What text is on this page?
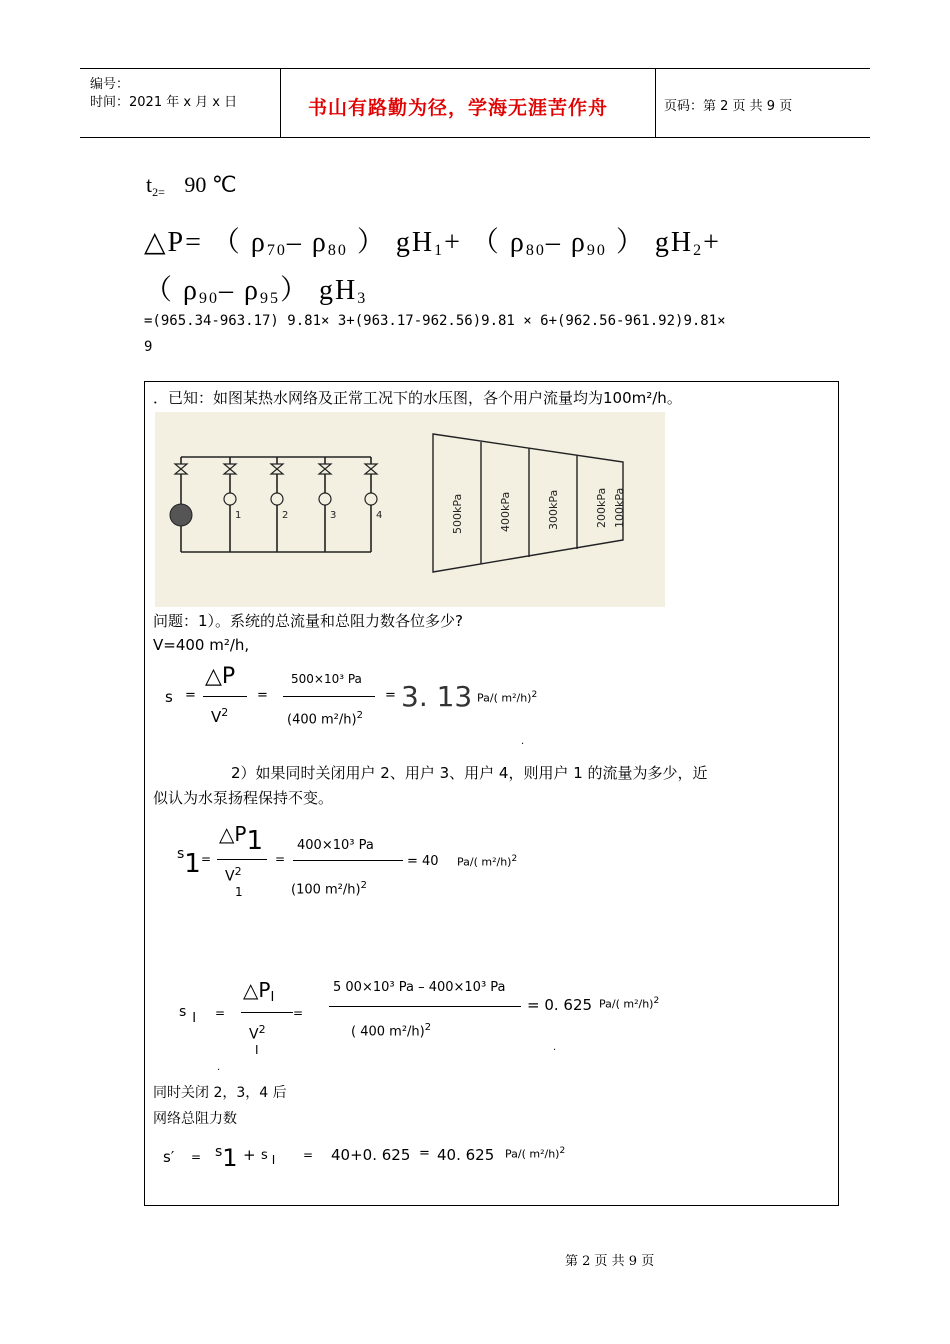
编号：
时间：2021 年 x 月 x 日	书山有路勤为径，学海无涯苦作舟	页码：第 2 页 共 9 页
$t_{2=}$ 90 ℃
△P= （ $\rho_{70}-$ $\rho_{80}$ ） $gH_1+$ （ $\rho_{80}-$ $\rho_{90}$ ） $gH_2+$
（ $\rho_{90}-$ $\rho_{95}$） $gH_3$
=(965.34-963.17) 9.81× 3+(963.17-962.56)9.81 × 6+(962.56-961.92)9.81×
9
．已知：如图某热水网络及正常工况下的水压图，各个用户流量均为100m²/h。
1	2	3	4	500kPa	400kPa	300kPa	200kPa 100kPa
问题：1）。系统的总流量和总阻力数各位多少?
V=400 m²/h,
s =
△P
$V^2$
=
500×10³ Pa
(400 m²/h)$^2$
= 3. 13 Pa/( m²/h)$^2$
.
2）如果同时关闭用户 2、用户 3、用户 4，则用户 1 的流量为多少，近
似认为水泵扬程保持不变。
s1 =
△P1
$V^2$
1
=
400×10³ Pa
(100 m²/h)$^2$
= 40 Pa/( m²/h)$^2$
s I =
$\triangle P_I$
$V^2$
I
=
5 00×10³ Pa – 400×10³ Pa
( 400 m²/h)$^2$
= 0. 625 Pa/( m²/h)$^2$
.
.
同时关闭 2，3，4 后
网络总阻力数
s′ = s1 + s I = 40+0. 625 = 40. 625 Pa/( m²/h)$^2$
第 2 页 共 9 页
